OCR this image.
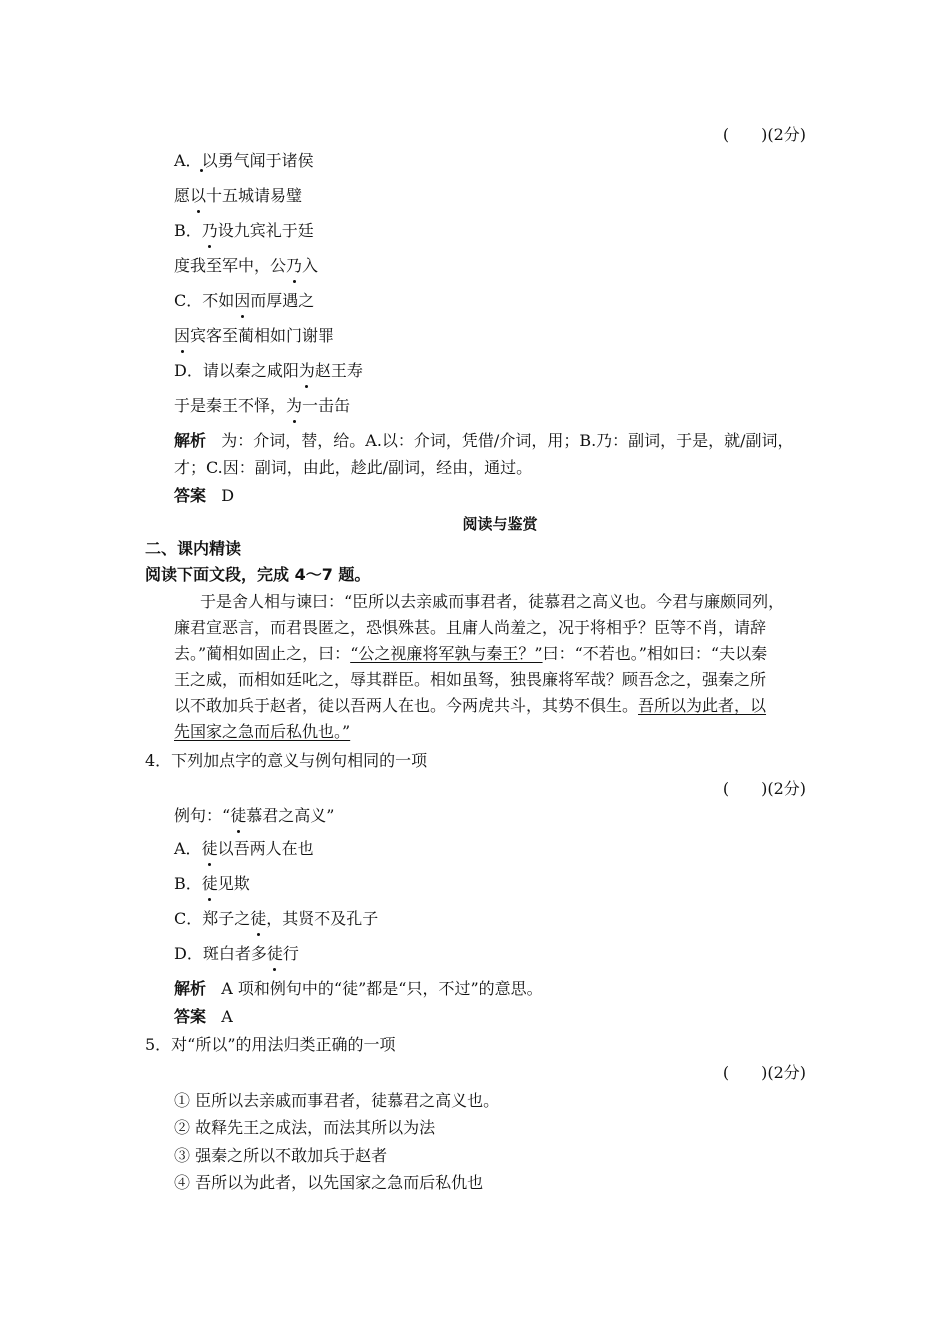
(　　)(2分)
A．以勇气闻于诸侯
愿以十五城请易璧
B．乃设九宾礼于廷
度我至军中，公乃入
C．不如因而厚遇之
因宾客至蔺相如门谢罪
D．请以秦之咸阳为赵王寿
于是秦王不怿，为一击缶
解析 为：介词，替，给。A.以：介词，凭借/介词，用；B.乃：副词，于是，就/副词，
才；C.因：副词，由此，趁此/副词，经由，通过。
答案 D
阅读与鉴赏
二、课内精读
阅读下面文段，完成 4～7 题。
于是舍人相与谏曰：“臣所以去亲戚而事君者，徒慕君之高义也。今君与廉颇同列，
廉君宣恶言，而君畏匿之，恐惧殊甚。且庸人尚羞之，况于将相乎？臣等不肖，请辞
去。”蔺相如固止之，曰：“公之视廉将军孰与秦王？”曰：“不若也。”相如曰：“夫以秦
王之威，而相如廷叱之，辱其群臣。相如虽驽，独畏廉将军哉？顾吾念之，强秦之所
以不敢加兵于赵者，徒以吾两人在也。今两虎共斗，其势不俱生。吾所以为此者，以
先国家之急而后私仇也。”
4．下列加点字的意义与例句相同的一项
(　　)(2分)
例句：“徒慕君之高义”
A．徒以吾两人在也
B．徒见欺
C．郑子之徒，其贤不及孔子
D．斑白者多徒行
解析 A 项和例句中的“徒”都是“只，不过”的意思。
答案 A
5．对“所以”的用法归类正确的一项
(　　)(2分)
① 臣所以去亲戚而事君者，徒慕君之高义也。
② 故释先王之成法，而法其所以为法
③ 强秦之所以不敢加兵于赵者
④ 吾所以为此者，以先国家之急而后私仇也
